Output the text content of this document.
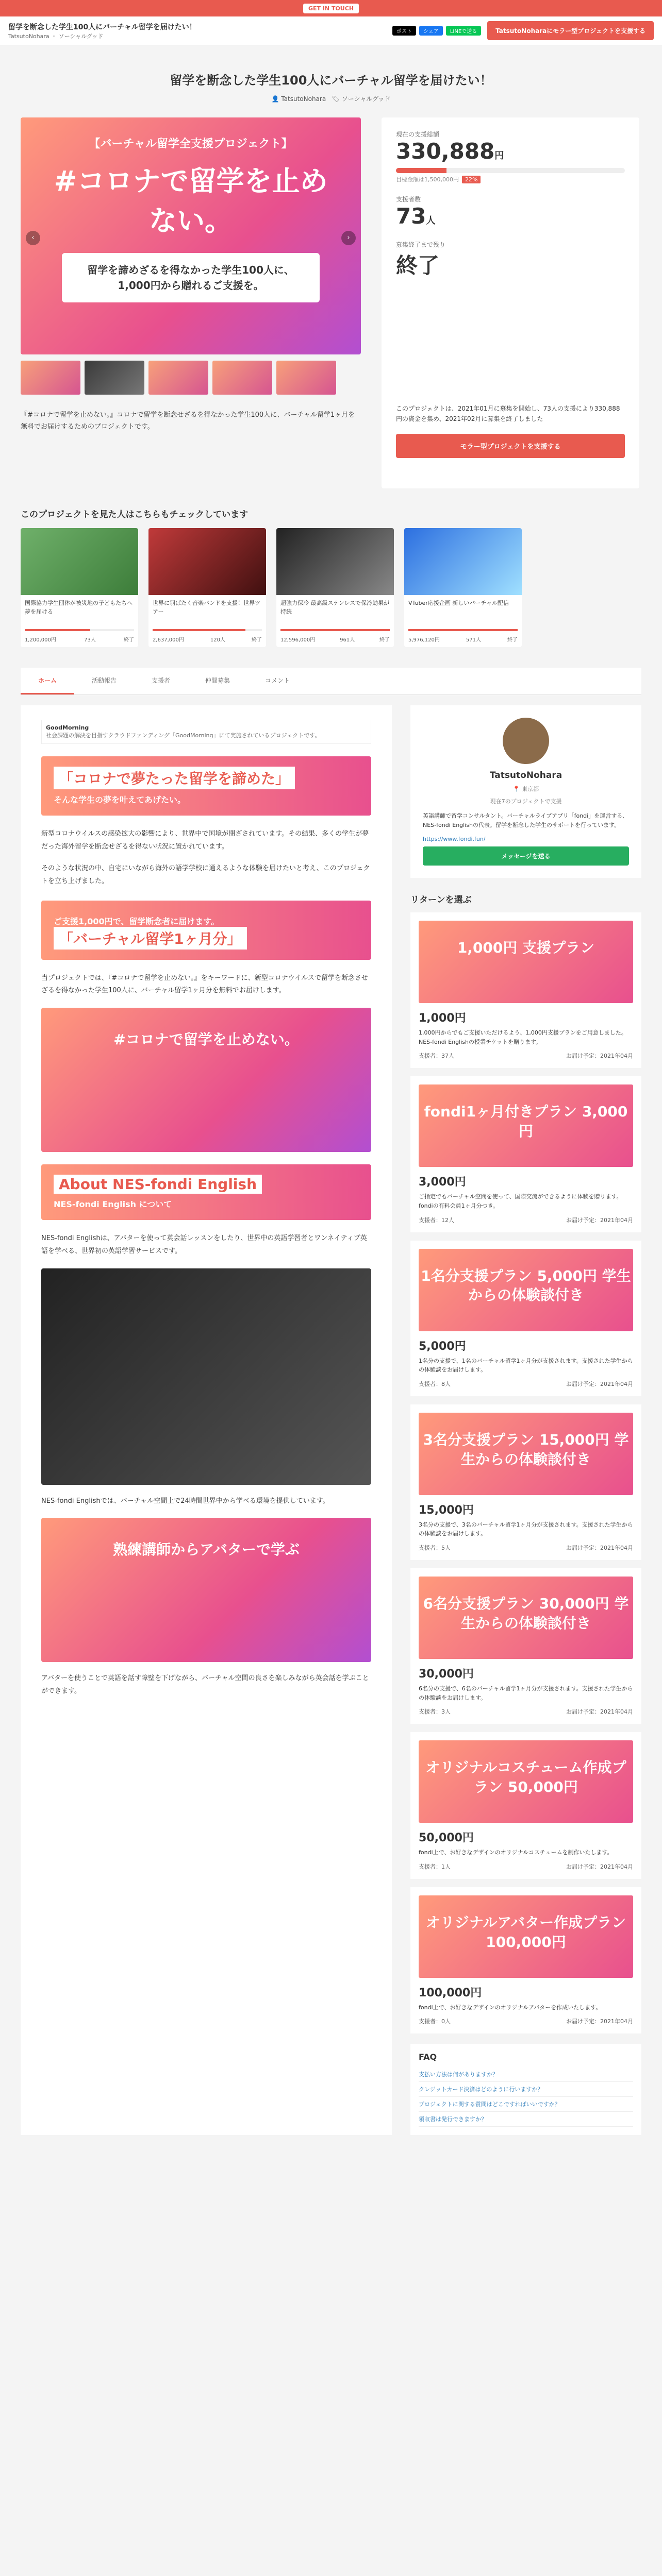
GET IN TOUCH
留学を断念した学生100人にバーチャル留学を届けたい！
TatsutoNohara ・ ソーシャルグッド
ポスト	シェア	LINEで送る	TatsutoNoharaにモラー型プロジェクトを支援する
留学を断念した学生100人にバーチャル留学を届けたい！
👤 TatsutoNohara 🏷 ソーシャルグッド
【バーチャル留学全支援プロジェクト】
#コロナで留学を止めない。
留学を諦めざるを得なかった学生100人に、1,000円から贈れるご支援を。
‹	›
『#コロナで留学を止めない。』コロナで留学を断念せざるを得なかった学生100人に、バーチャル留学1ヶ月を無料でお届けするためのプロジェクトです。
現在の支援総額
330,888円
目標金額は1,500,000円 22%
支援者数
73人
募集終了まで残り
終了
このプロジェクトは、2021年01月に募集を開始し、73人の支援により330,888円の資金を集め、2021年02月に募集を終了しました
モラー型プロジェクトを支援する
このプロジェクトを見た人はこちらもチェックしています
国際協力学生団体が被災地の子どもたちへ夢を届ける
1,200,000円	73人	終了
世界に羽ばたく音楽バンドを支援！世界ツアー
2,637,000円	120人	終了
超強力保冷 最高級ステンレスで保冷効果が持続
12,596,000円	961人	終了
VTuber応援企画 新しいバーチャル配信
5,976,120円	571人	終了
ホーム	活動報告	支援者	仲間募集	コメント
GoodMorning
社会課題の解決を目指すクラウドファンディング「GoodMorning」にて実施されているプロジェクトです。
「コロナで夢たった留学を諦めた」
そんな学生の夢を叶えてあげたい。
新型コロナウイルスの感染拡大の影響により、世界中で国境が閉ざされています。その結果、多くの学生が夢だった海外留学を断念せざるを得ない状況に置かれています。
そのような状況の中、自宅にいながら海外の語学学校に通えるような体験を届けたいと考え、このプロジェクトを立ち上げました。
ご支援1,000円で、留学断念者に届けます。
「バーチャル留学1ヶ月分」
当プロジェクトでは、『#コロナで留学を止めない。』をキーワードに、新型コロナウイルスで留学を断念させざるを得なかった学生100人に、バーチャル留学1ヶ月分を無料でお届けします。
#コロナで留学を止めない。
About NES-fondi English
NES-fondi English について
NES-fondi Englishは、アバターを使って英会話レッスンをしたり、世界中の英語学習者とワンネイティブ英語を学べる、世界初の英語学習サービスです。
NES-fondi Englishでは、バーチャル空間上で24時間世界中から学べる環境を提供しています。
熟練講師からアバターで学ぶ
アバターを使うことで英語を話す障壁を下げながら、バーチャル空間の良さを楽しみながら英会話を学ぶことができます。
TatsutoNohara
📍 東京都
現在7のプロジェクトで支援
英語講師で留学コンサルタント。バーチャルライブアプリ「fondi」を運営する、NES-fondi Englishの代表。留学を断念した学生のサポートを行っています。
https://www.fondi.fun/
メッセージを送る
リターンを選ぶ
1,000円 支援プラン
1,000円
1,000円からでもご支援いただけるよう、1,000円支援プランをご用意しました。NES-fondi Englishの授業チケットを贈ります。
支援者：37人	お届け予定：2021年04月
fondi1ヶ月付きプラン 3,000円
3,000円
ご指定でもバーチャル空間を使って、国際交流ができるように体験を贈ります。fondiの有料会員1ヶ月分つき。
支援者：12人	お届け予定：2021年04月
1名分支援プラン 5,000円 学生からの体験談付き
5,000円
1名分の支援で、1名のバーチャル留学1ヶ月分が支援されます。支援された学生からの体験談をお届けします。
支援者：8人	お届け予定：2021年04月
3名分支援プラン 15,000円 学生からの体験談付き
15,000円
3名分の支援で、3名のバーチャル留学1ヶ月分が支援されます。支援された学生からの体験談をお届けします。
支援者：5人	お届け予定：2021年04月
6名分支援プラン 30,000円 学生からの体験談付き
30,000円
6名分の支援で、6名のバーチャル留学1ヶ月分が支援されます。支援された学生からの体験談をお届けします。
支援者：3人	お届け予定：2021年04月
オリジナルコスチューム作成プラン 50,000円
50,000円
fondi上で、お好きなデザインのオリジナルコスチュームを制作いたします。
支援者：1人	お届け予定：2021年04月
オリジナルアバター作成プラン 100,000円
100,000円
fondi上で、お好きなデザインのオリジナルアバターを作成いたします。
支援者：0人	お届け予定：2021年04月
FAQ
支払い方法は何がありますか？
クレジットカード決済はどのように行いますか？
プロジェクトに関する質問はどこですればいいですか？
領収書は発行できますか？
